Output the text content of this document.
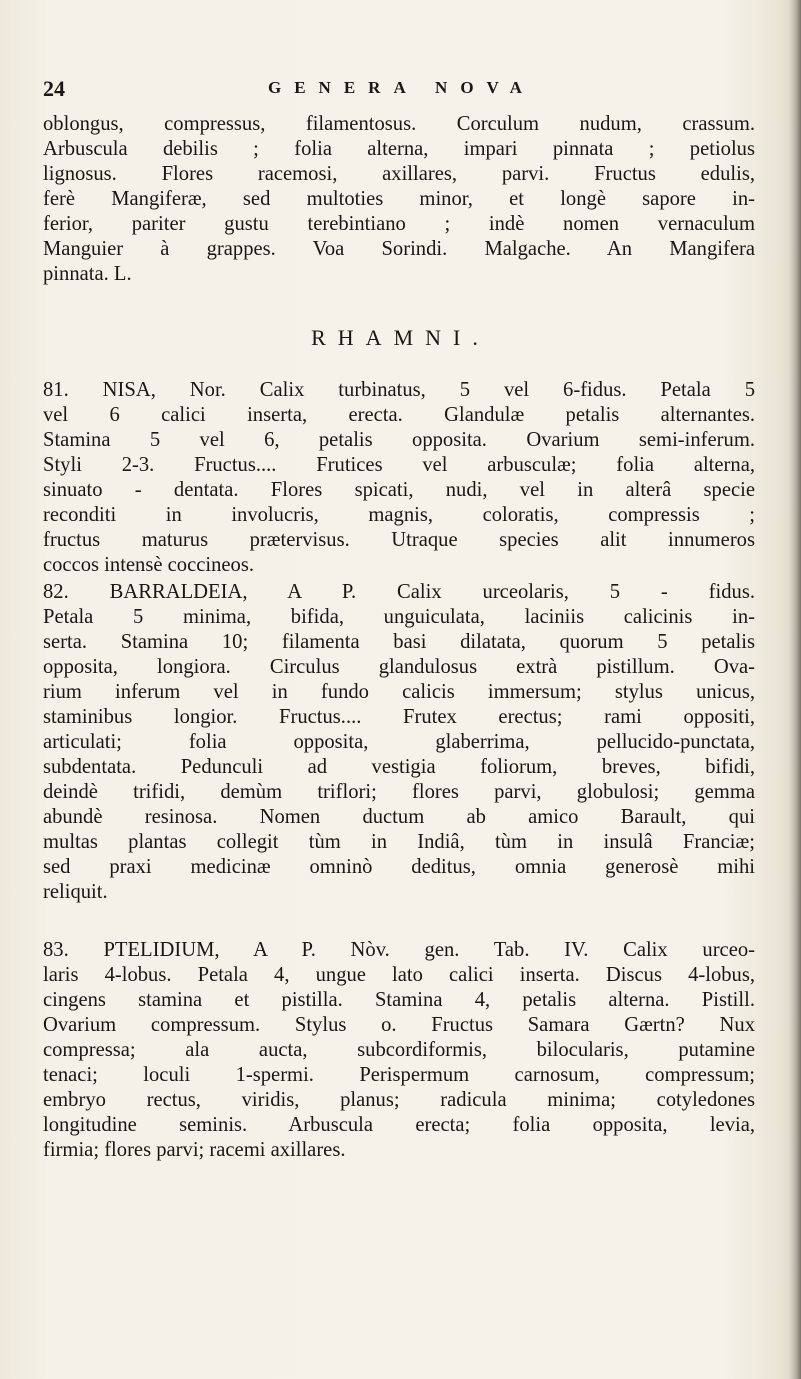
24	GENERA NOVA
oblongus, compressus, filamentosus. Corculum nudum, crassum.
Arbuscula debilis ; folia alterna, impari pinnata ; petiolus
lignosus. Flores racemosi, axillares, parvi. Fructus edulis,
ferè Mangiferæ, sed multoties minor, et longè sapore in-
ferior, pariter gustu terebintiano ; indè nomen vernaculum
Manguier à grappes. Voa Sorindi. Malgache. An Mangifera
pinnata. L.
RHAMNI.
81. NISA, Nor. Calix turbinatus, 5 vel 6-fidus. Petala 5
vel 6 calici inserta, erecta. Glandulæ petalis alternantes.
Stamina 5 vel 6, petalis opposita. Ovarium semi-inferum.
Styli 2-3. Fructus.... Frutices vel arbusculæ; folia alterna,
sinuato - dentata. Flores spicati, nudi, vel in alterâ specie
reconditi in involucris, magnis, coloratis, compressis ;
fructus maturus prætervisus. Utraque species alit innumeros
coccos intensè coccineos.
82. BARRALDEIA, A P. Calix urceolaris, 5 - fidus.
Petala 5 minima, bifida, unguiculata, laciniis calicinis in-
serta. Stamina 10; filamenta basi dilatata, quorum 5 petalis
opposita, longiora. Circulus glandulosus extrà pistillum. Ova-
rium inferum vel in fundo calicis immersum; stylus unicus,
staminibus longior. Fructus.... Frutex erectus; rami oppositi,
articulati; folia opposita, glaberrima, pellucido-punctata,
subdentata. Pedunculi ad vestigia foliorum, breves, bifidi,
deindè trifidi, demùm triflori; flores parvi, globulosi; gemma
abundè resinosa. Nomen ductum ab amico Barault, qui
multas plantas collegit tùm in Indiâ, tùm in insulâ Franciæ;
sed praxi medicinæ omninò deditus, omnia generosè mihi
reliquit.
83. PTELIDIUM, A P. Nòv. gen. Tab. IV. Calix urceo-
laris 4-lobus. Petala 4, ungue lato calici inserta. Discus 4-lobus,
cingens stamina et pistilla. Stamina 4, petalis alterna. Pistill.
Ovarium compressum. Stylus o. Fructus Samara Gærtn? Nux
compressa; ala aucta, subcordiformis, bilocularis, putamine
tenaci; loculi 1-spermi. Perispermum carnosum, compressum;
embryo rectus, viridis, planus; radicula minima; cotyledones
longitudine seminis. Arbuscula erecta; folia opposita, levia,
firmia; flores parvi; racemi axillares.
